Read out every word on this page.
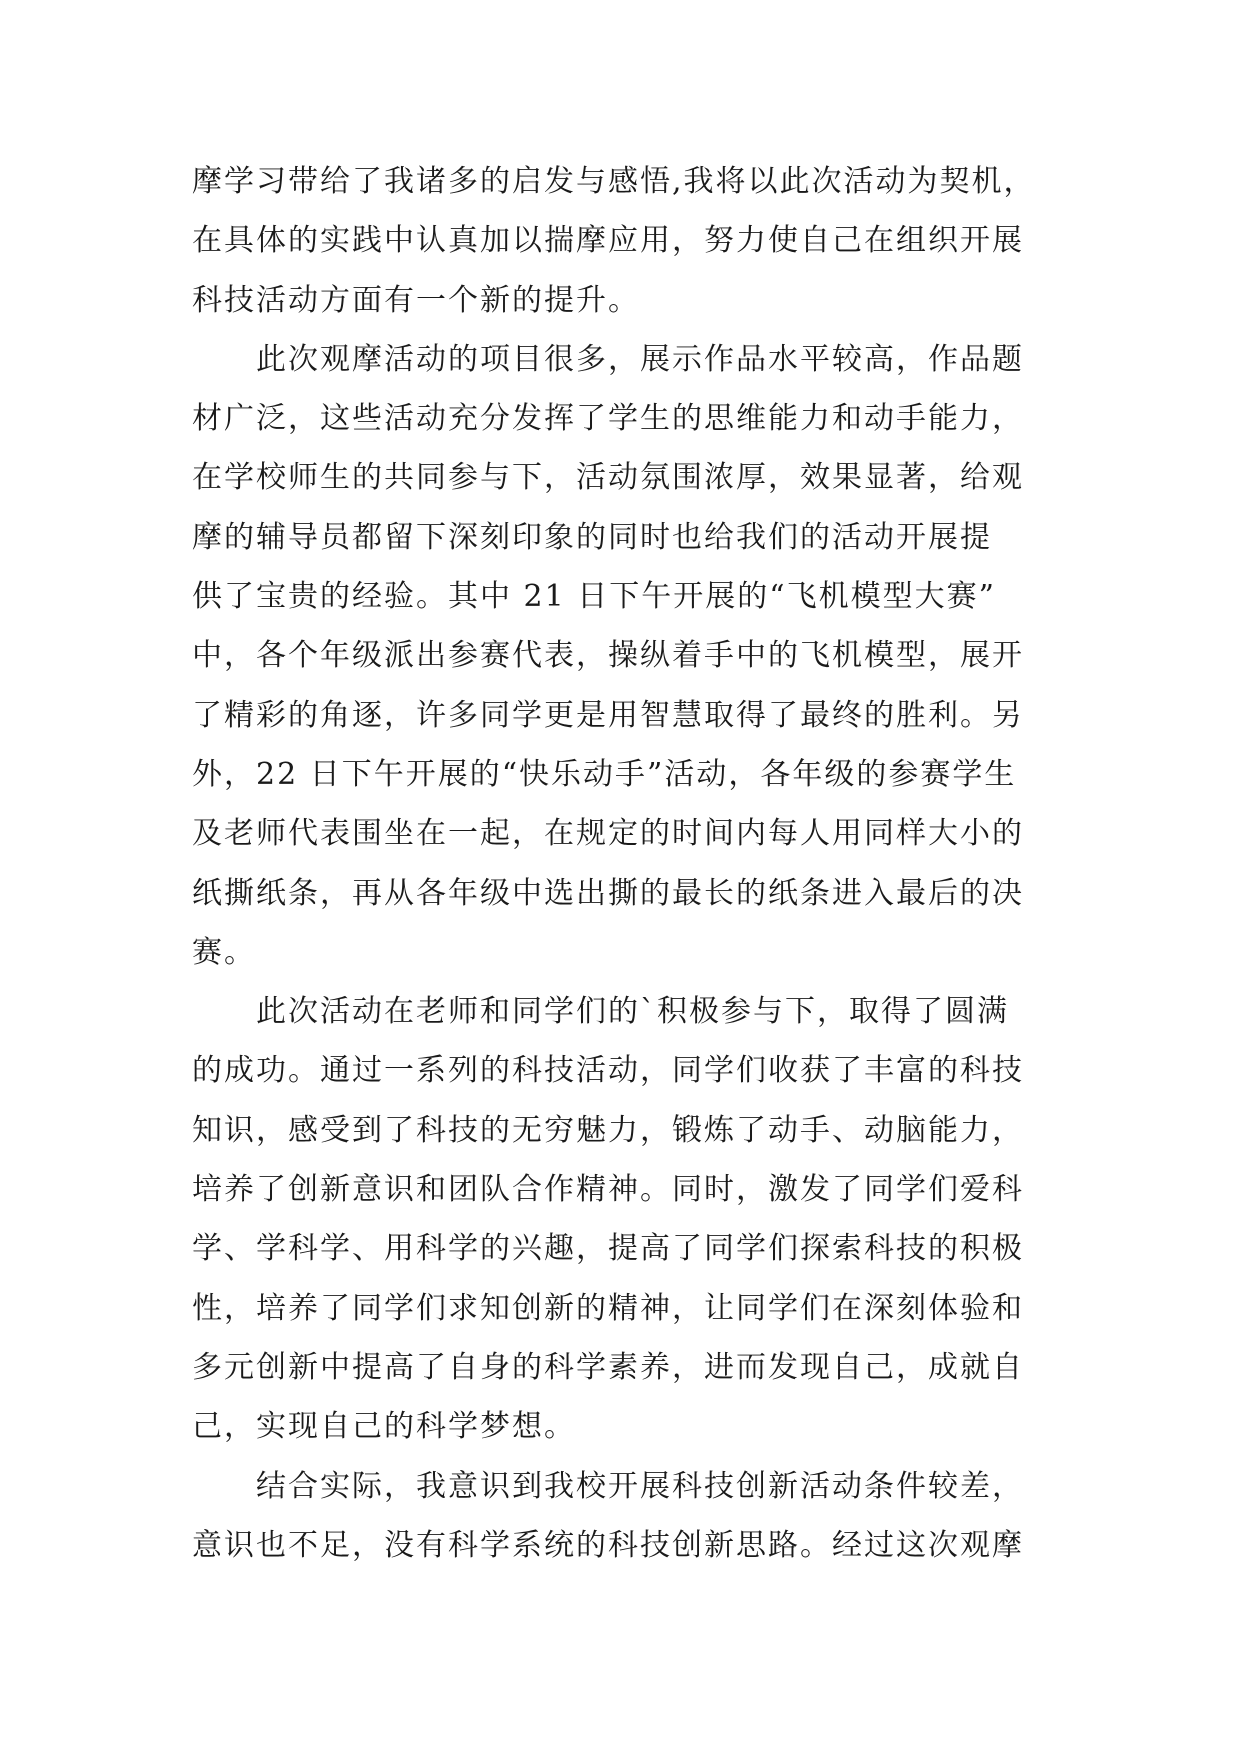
摩学习带给了我诸多的启发与感悟,我将以此次活动为契机，
在具体的实践中认真加以揣摩应用，努力使自己在组织开展
科技活动方面有一个新的提升。
此次观摩活动的项目很多，展示作品水平较高，作品题
材广泛，这些活动充分发挥了学生的思维能力和动手能力，
在学校师生的共同参与下，活动氛围浓厚，效果显著，给观
摩的辅导员都留下深刻印象的同时也给我们的活动开展提
供了宝贵的经验。其中 21 日下午开展的“飞机模型大赛”
中，各个年级派出参赛代表，操纵着手中的飞机模型，展开
了精彩的角逐，许多同学更是用智慧取得了最终的胜利。另
外，22 日下午开展的“快乐动手”活动，各年级的参赛学生
及老师代表围坐在一起，在规定的时间内每人用同样大小的
纸撕纸条，再从各年级中选出撕的最长的纸条进入最后的决
赛。
此次活动在老师和同学们的`积极参与下，取得了圆满
的成功。通过一系列的科技活动，同学们收获了丰富的科技
知识，感受到了科技的无穷魅力，锻炼了动手、动脑能力，
培养了创新意识和团队合作精神。同时，激发了同学们爱科
学、学科学、用科学的兴趣，提高了同学们探索科技的积极
性，培养了同学们求知创新的精神，让同学们在深刻体验和
多元创新中提高了自身的科学素养，进而发现自己，成就自
己，实现自己的科学梦想。
结合实际，我意识到我校开展科技创新活动条件较差，
意识也不足，没有科学系统的科技创新思路。经过这次观摩
